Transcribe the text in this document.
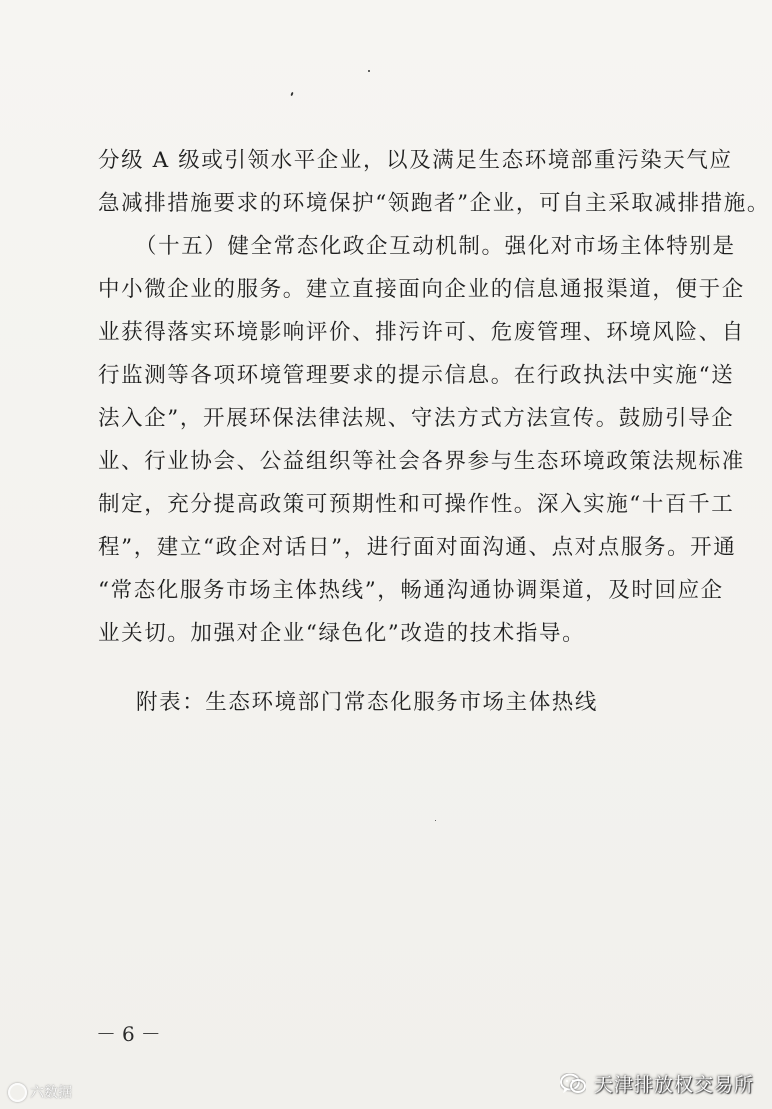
分级 A 级或引领水平企业，以及满足生态环境部重污染天气应
急减排措施要求的环境保护“领跑者”企业，可自主采取减排措施。
（十五）健全常态化政企互动机制。强化对市场主体特别是
中小微企业的服务。建立直接面向企业的信息通报渠道，便于企
业获得落实环境影响评价、排污许可、危废管理、环境风险、自
行监测等各项环境管理要求的提示信息。在行政执法中实施“送
法入企”，开展环保法律法规、守法方式方法宣传。鼓励引导企
业、行业协会、公益组织等社会各界参与生态环境政策法规标准
制定，充分提高政策可预期性和可操作性。深入实施“十百千工
程”，建立“政企对话日”，进行面对面沟通、点对点服务。开通
“常态化服务市场主体热线”，畅通沟通协调渠道，及时回应企
业关切。加强对企业“绿色化”改造的技术指导。
附表：生态环境部门常态化服务市场主体热线
－6－
六数据	天津排放权交易所
